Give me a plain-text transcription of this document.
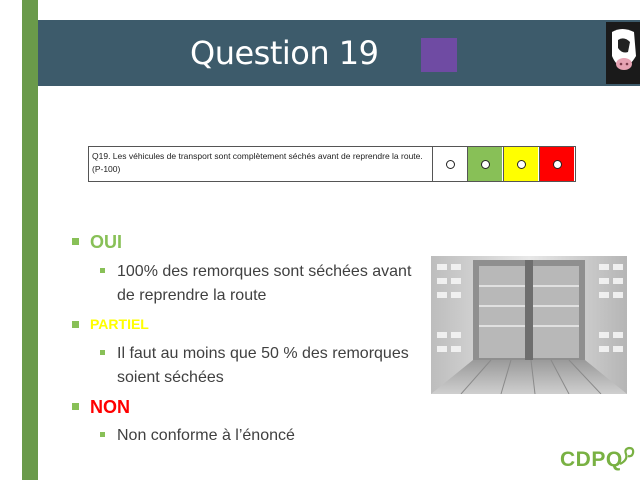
Question 19
Q19. Les véhicules de transport sont complètement séchés avant de reprendre la route. (P-100)
OUI
100% des remorques sont séchées avant de reprendre la route
PARTIEL
Il faut au moins que 50 % des remorques soient séchées
NON
Non conforme à l’énoncé
CDPQ
